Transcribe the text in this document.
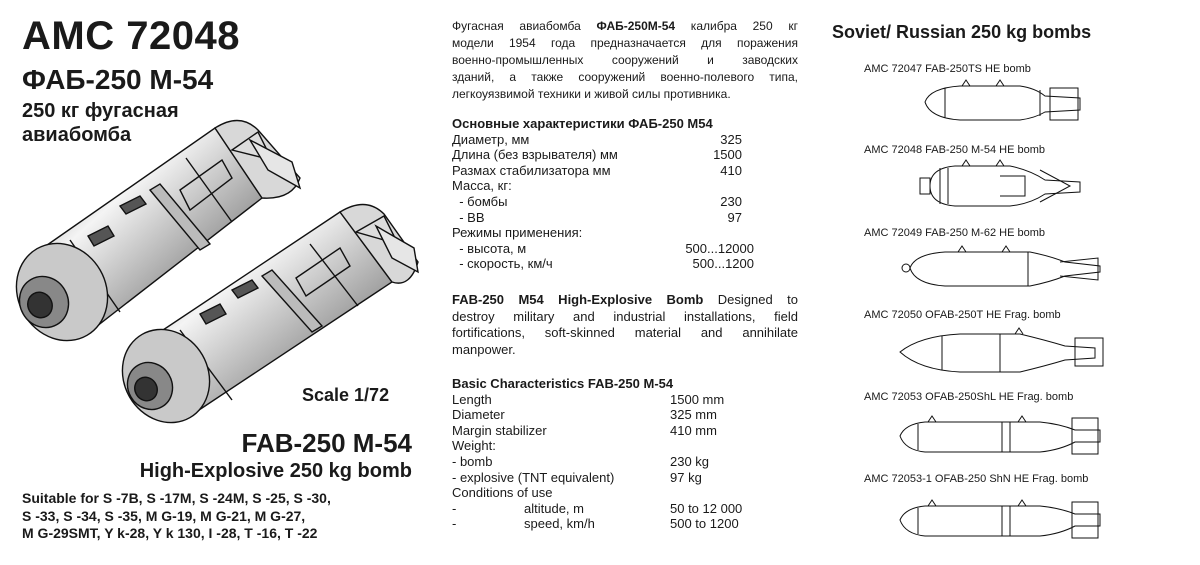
AMC 72048
ФАБ-250 М-54
250 кг фугасная
авиабомба
Scale 1/72
FAB-250 M-54
High-Explosive 250 kg bomb
Suitable for S -7B, S -17M, S -24M, S -25, S -30,
S -33, S -34, S -35, M G-19, M G-21, M G-27,
M G-29SMT, Y k-28, Y k 130, I -28, T -16, T -22
Фугасная авиабомба ФАБ-250М-54 калибра 250 кг
модели 1954 года предназначается для поражения
военно-промышленных сооружений и заводских
зданий, а также сооружений военно-полевого типа,
легкоуязвимой техники и живой силы противника.
Основные характеристики ФАБ-250 М54
Диаметр, мм	325
Длина (без взрывателя) мм	1500
Размах стабилизатора мм	410
Масса, кг:
- бомбы	230
- ВВ	97
Режимы применения:
- высота, м	500...12000
- скорость, км/ч	500...1200
FAB-250 M54 High-Explosive Bomb Designed to
destroy military and industrial installations, field
fortifications, soft-skinned material and annihilate
manpower.
Basic Characteristics FAB-250 M-54
Length	1500 mm
Diameter	325 mm
Margin stabilizer	410 mm
Weight:
- bomb	230 kg
- explosive (TNT equivalent)	97 kg
Conditions of use
-	altitude, m	50 to 12 000
-	speed, km/h	500 to 1200
Soviet/ Russian 250 kg bombs
AMC 72047 FAB-250TS HE bomb
AMC 72048 FAB-250 M-54 HE bomb
AMC 72049 FAB-250 M-62 HE bomb
AMC 72050 OFAB-250T HE Frag. bomb
AMC 72053 OFAB-250ShL HE Frag. bomb
AMC 72053-1 OFAB-250 ShN HE Frag. bomb
